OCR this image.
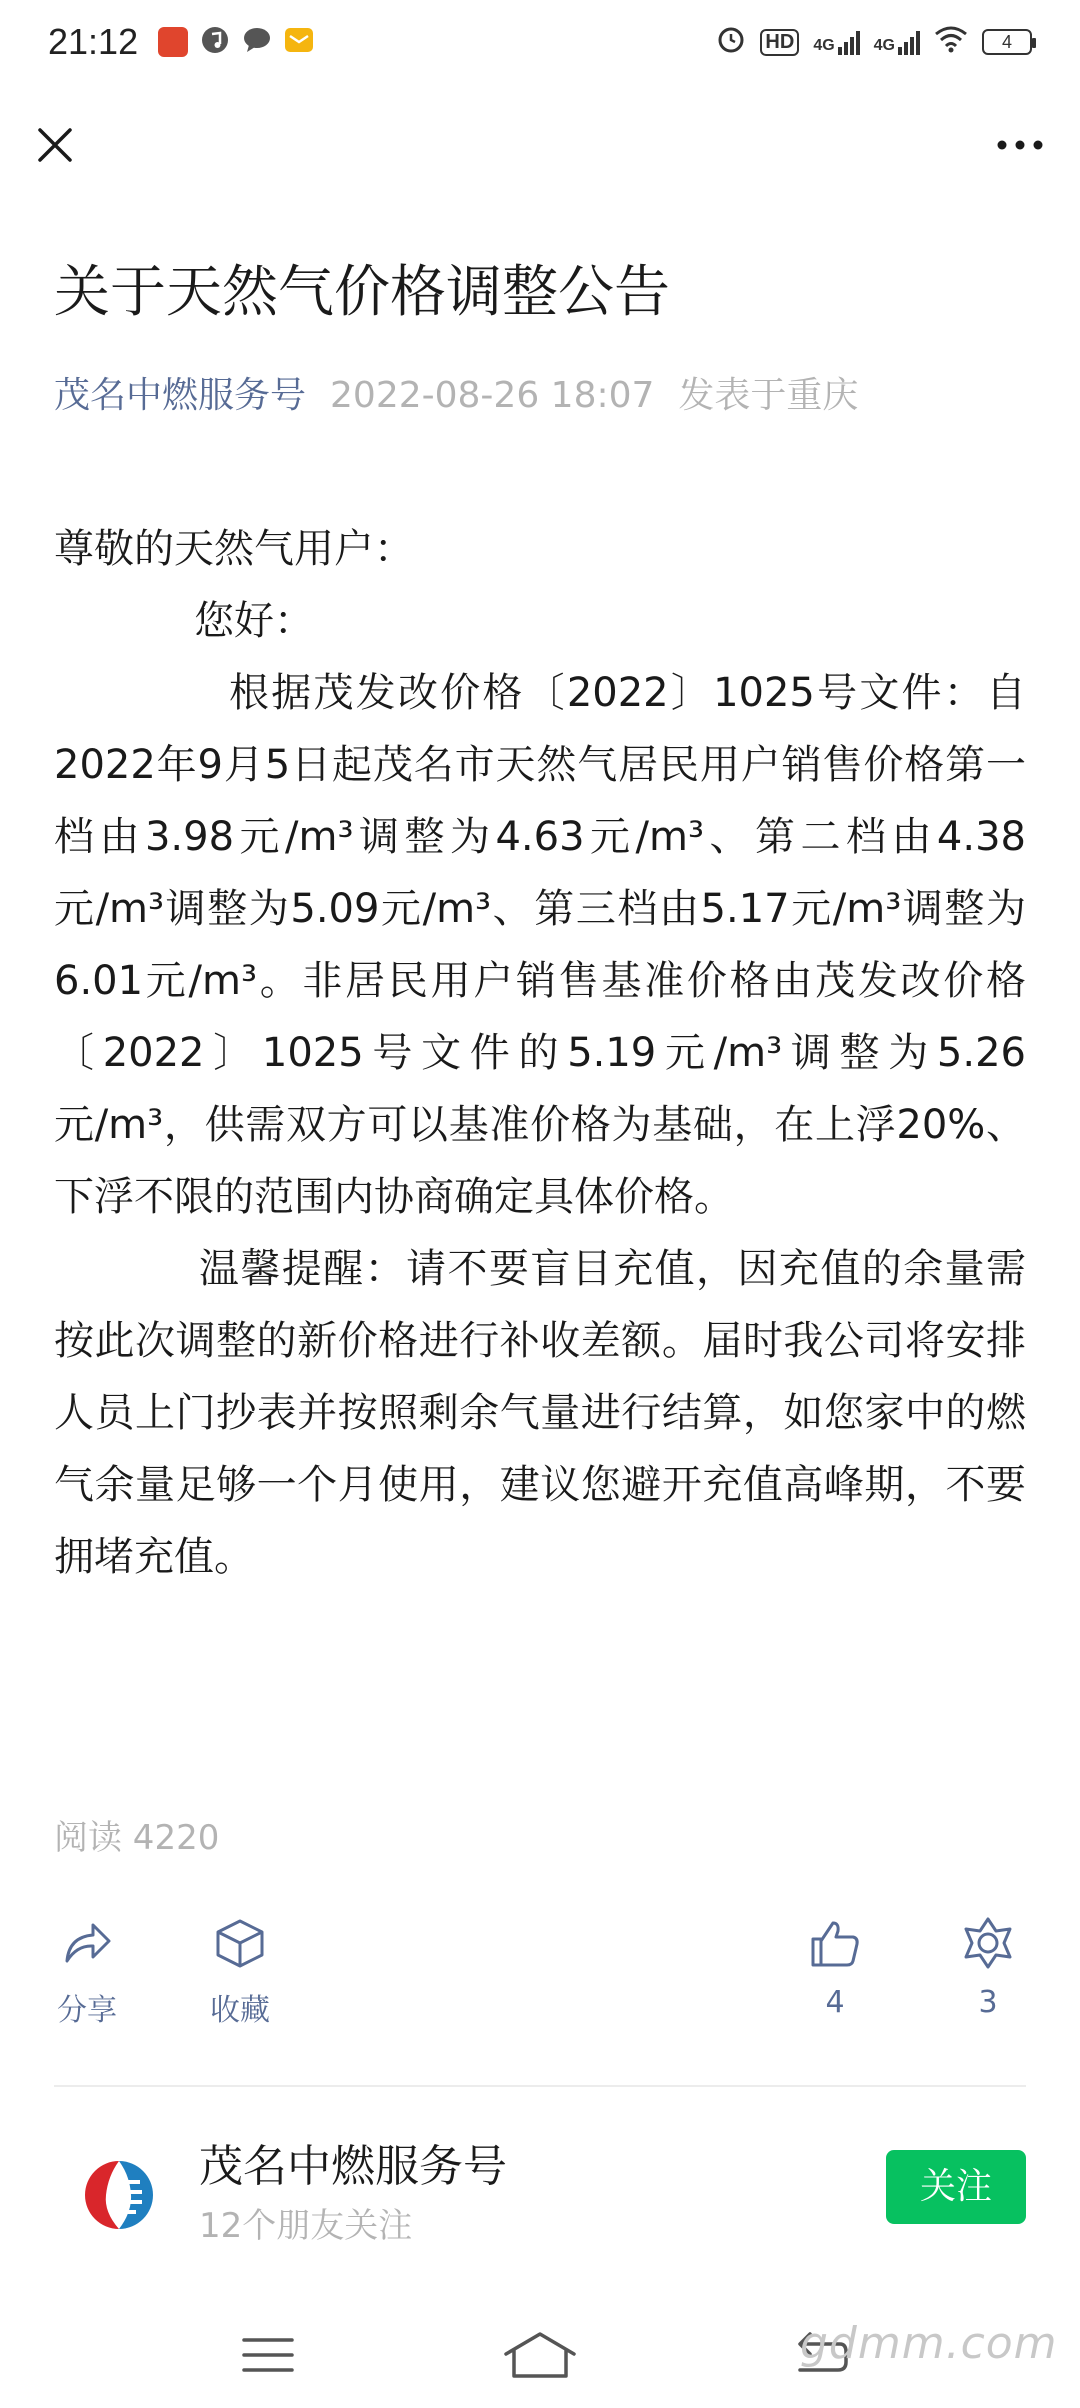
21:12	HD	4G 4G	4
关于天然气价格调整公告
茂名中燃服务号 2022-08-26 18:07 发表于重庆

尊敬的天然气用户：

您好：

根据茂发改价格〔2022〕1025号文件：自2022年9月5日起茂名市天然气居民用户销售价格第一档由3.98元/m³调整为4.63元/m³、第二档由4.38元/m³调整为5.09元/m³、第三档由5.17元/m³调整为6.01元/m³。非居民用户销售基准价格由茂发改价格〔2022〕1025号文件的5.19元/m³调整为5.26元/m³，供需双方可以基准价格为基础，在上浮20%、下浮不限的范围内协商确定具体价格。

温馨提醒：请不要盲目充值，因充值的余量需按此次调整的新价格进行补收差额。届时我公司将安排人员上门抄表并按照剩余气量进行结算，如您家中的燃气余量足够一个月使用，建议您避开充值高峰期，不要拥堵充值。

阅读 4220
分享	收藏	4	3
茂名中燃服务号
12个朋友关注
关注
gdmm.com
